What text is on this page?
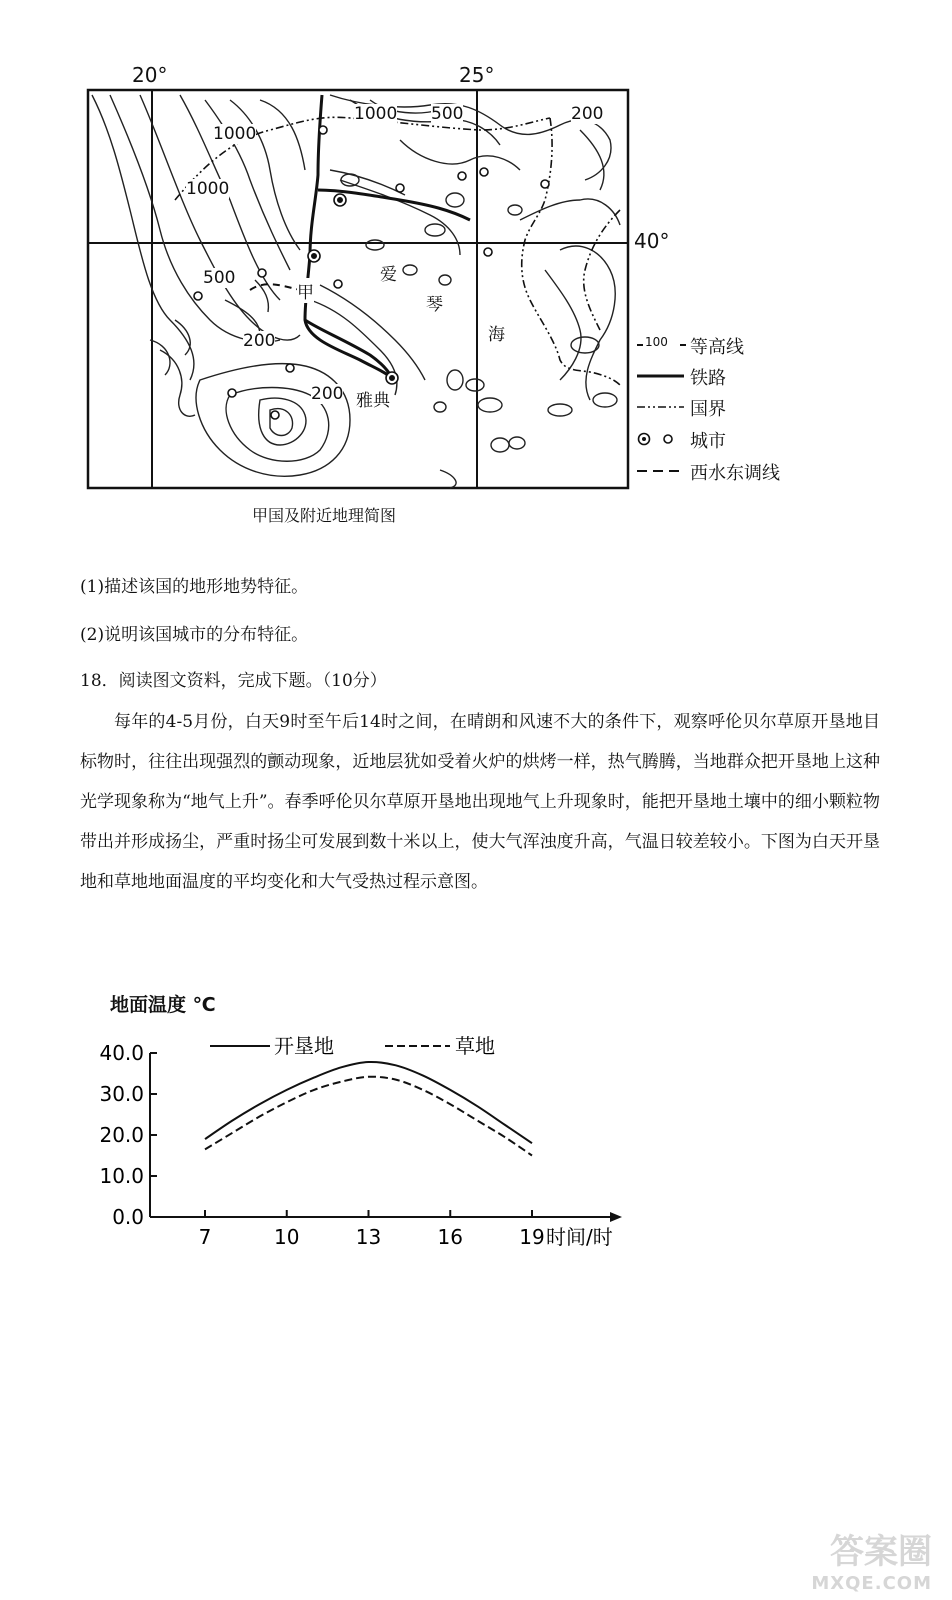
20°	25°
40°
1000
1000
1000 500	200
500
200
200
甲
爱
琴
海
雅典
100 等高线
铁路
国界
城市
西水东调线
甲国及附近地理简图
(1)描述该国的地形地势特征。
(2)说明该国城市的分布特征。
18．阅读图文资料，完成下题。（10分）
每年的4-5月份，白天9时至午后14时之间，在晴朗和风速不大的条件下，观察呼伦贝尔草原开垦地目标物时，往往出现强烈的颤动现象，近地层犹如受着火炉的烘烤一样，热气腾腾，当地群众把开垦地上这种光学现象称为“地气上升”。春季呼伦贝尔草原开垦地出现地气上升现象时，能把开垦地土壤中的细小颗粒物带出并形成扬尘，严重时扬尘可发展到数十米以上，使大气浑浊度升高，气温日较差较小。下图为白天开垦地和草地地面温度的平均变化和大气受热过程示意图。
地面温度 ℃
0.0
10.0
20.0
30.0
40.0
7	10	13	16	19 时间/时
开垦地	草地
答案圈
MXQE.COM
